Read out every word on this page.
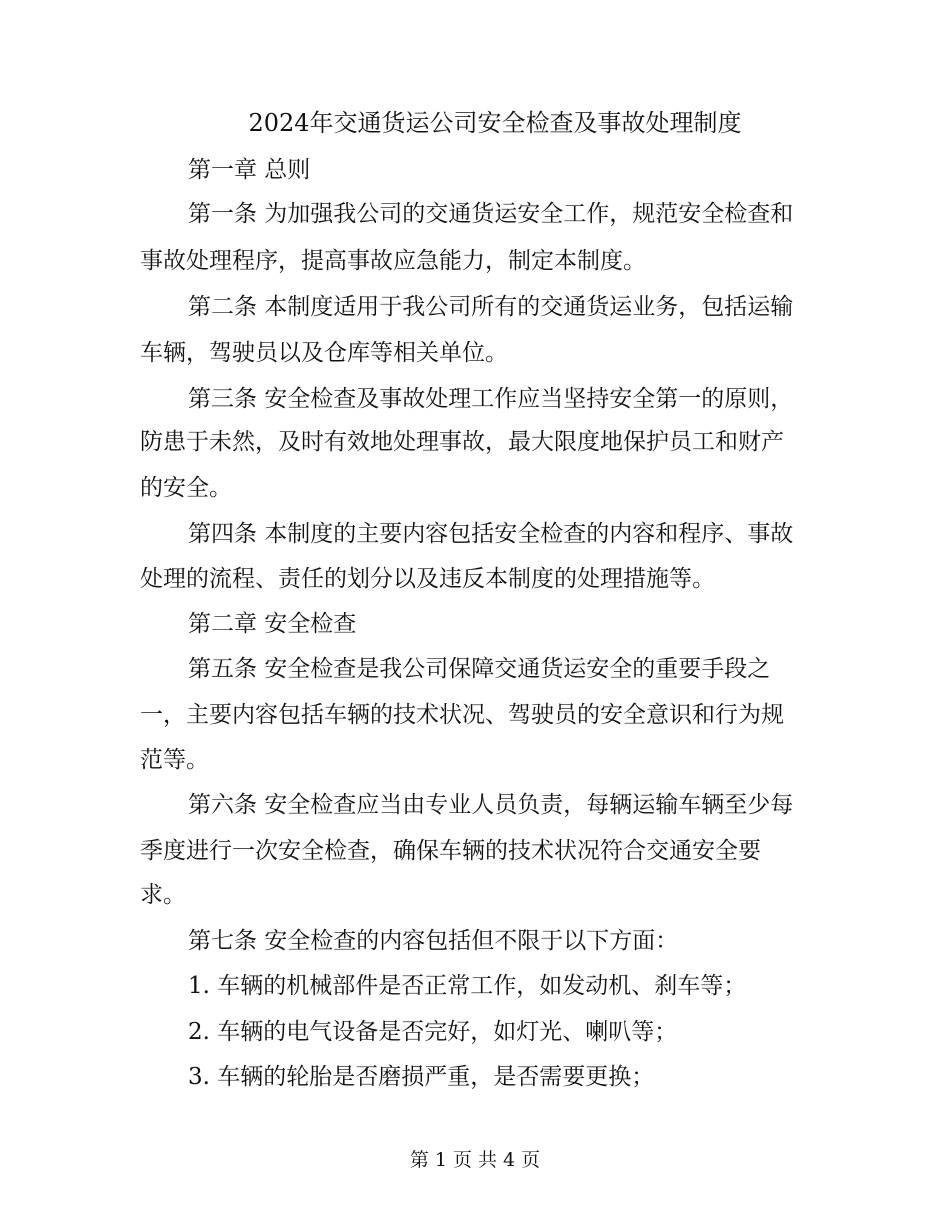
2024年交通货运公司安全检查及事故处理制度
第一章 总则
第一条 为加强我公司的交通货运安全工作，规范安全检查和
事故处理程序，提高事故应急能力，制定本制度。
第二条 本制度适用于我公司所有的交通货运业务，包括运输
车辆，驾驶员以及仓库等相关单位。
第三条 安全检查及事故处理工作应当坚持安全第一的原则，
防患于未然，及时有效地处理事故，最大限度地保护员工和财产
的安全。
第四条 本制度的主要内容包括安全检查的内容和程序、事故
处理的流程、责任的划分以及违反本制度的处理措施等。
第二章 安全检查
第五条 安全检查是我公司保障交通货运安全的重要手段之
一，主要内容包括车辆的技术状况、驾驶员的安全意识和行为规
范等。
第六条 安全检查应当由专业人员负责，每辆运输车辆至少每
季度进行一次安全检查，确保车辆的技术状况符合交通安全要
求。
第七条 安全检查的内容包括但不限于以下方面：
1. 车辆的机械部件是否正常工作，如发动机、刹车等；
2. 车辆的电气设备是否完好，如灯光、喇叭等；
3. 车辆的轮胎是否磨损严重，是否需要更换；
第 1 页 共 4 页
